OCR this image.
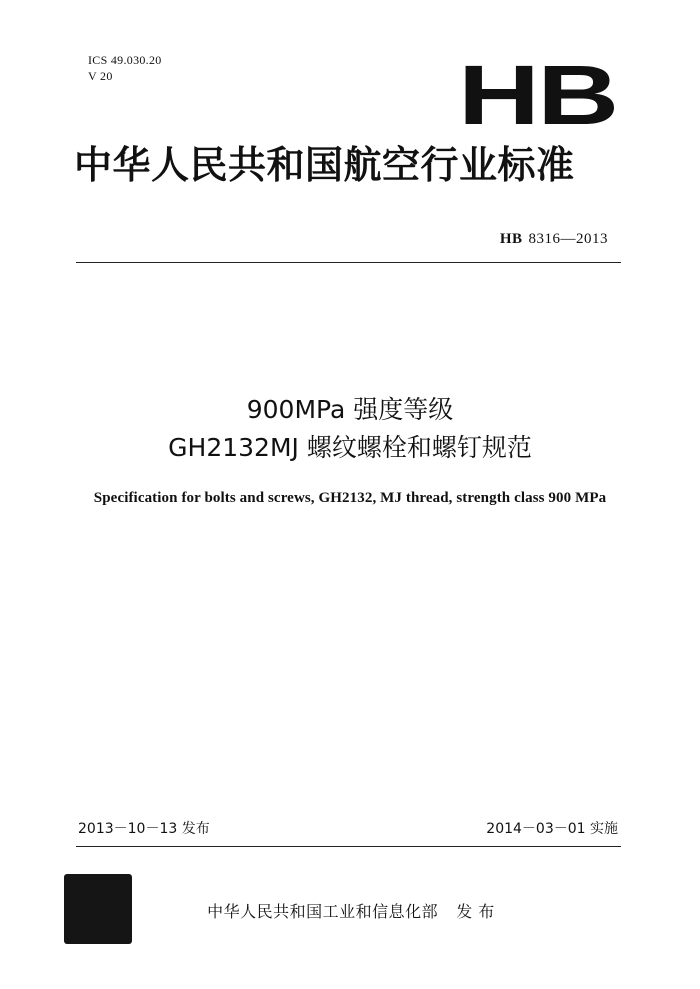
ICS 49.030.20
V 20	HB
中华人民共和国航空行业标准

HB 8316—2013

900MPa 强度等级
GH2132MJ 螺纹螺栓和螺钉规范
Specification for bolts and screws, GH2132, MJ thread, strength class 900 MPa
2013－10－13 发布	2014－03－01 实施

中华人民共和国工业和信息化部 发 布
